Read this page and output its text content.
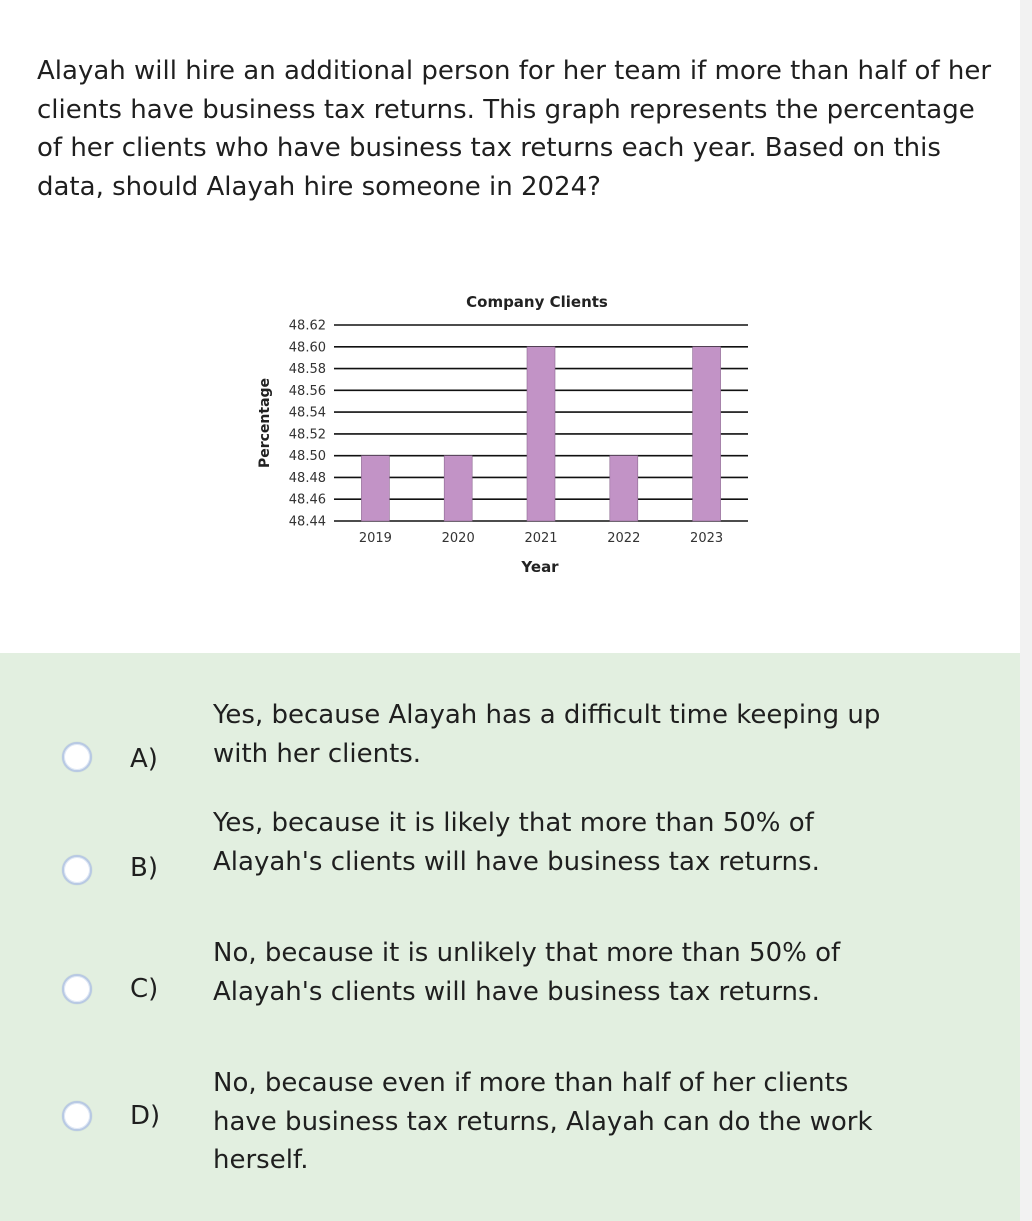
Alayah will hire an additional person for her team if more than half of her clients have business tax returns. This graph represents the percentage of her clients who have business tax returns each year. Based on this data, should Alayah hire someone in 2024?

Company Clients
Percentage
Year
48.62
48.60
48.58
48.56
48.54
48.52
48.50
48.48
48.46
48.44
2019	2020	2021	2022	2023
A)
Yes, because Alayah has a difficult time keeping up with her clients.
B)
Yes, because it is likely that more than 50% of Alayah's clients will have business tax returns.
C)
No, because it is unlikely that more than 50% of Alayah's clients will have business tax returns.
D)
No, because even if more than half of her clients have business tax returns, Alayah can do the work herself.
